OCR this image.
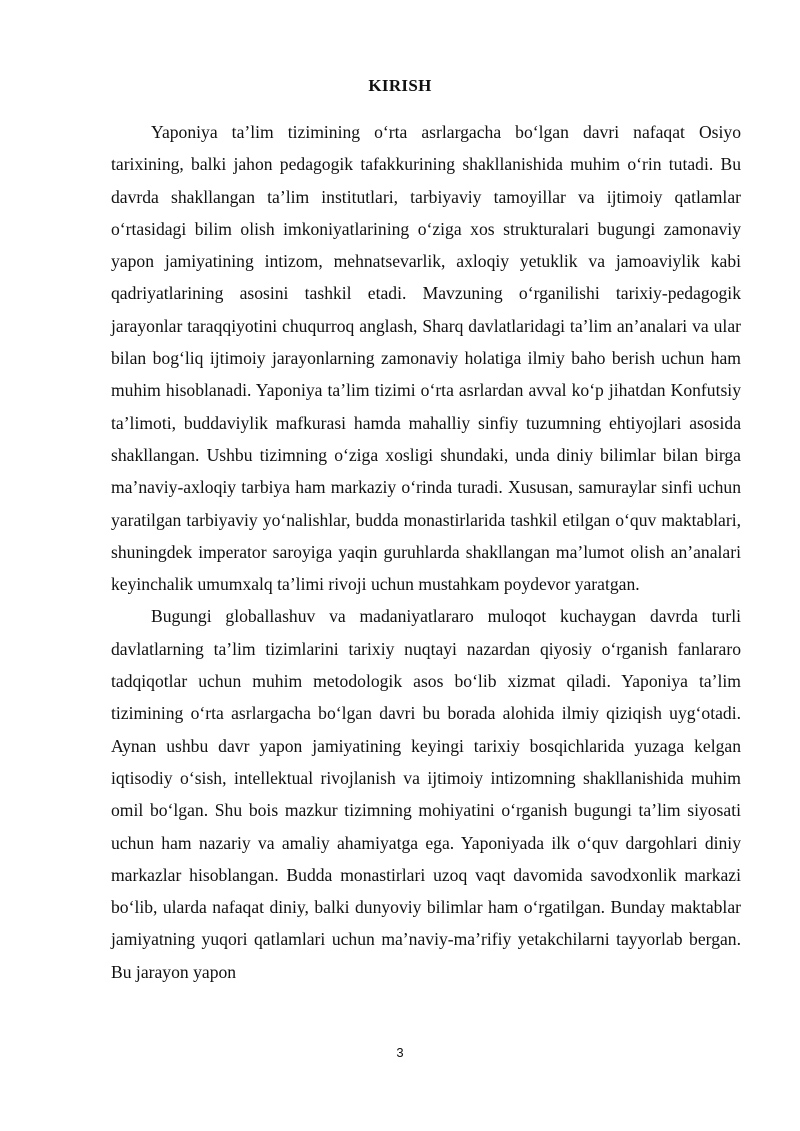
KIRISH

Yaponiya ta’lim tizimining o‘rta asrlargacha bo‘lgan davri nafaqat Osiyo tarixining, balki jahon pedagogik tafakkurining shakllanishida muhim o‘rin tutadi. Bu davrda shakllangan ta’lim institutlari, tarbiyaviy tamoyillar va ijtimoiy qatlamlar o‘rtasidagi bilim olish imkoniyatlarining o‘ziga xos strukturalari bugungi zamonaviy yapon jamiyatining intizom, mehnatsevarlik, axloqiy yetuklik va jamoaviylik kabi qadriyatlarining asosini tashkil etadi. Mavzuning o‘rganilishi tarixiy-pedagogik jarayonlar taraqqiyotini chuqurroq anglash, Sharq davlatlaridagi ta’lim an’analari va ular bilan bog‘liq ijtimoiy jarayonlarning zamonaviy holatiga ilmiy baho berish uchun ham muhim hisoblanadi. Yaponiya ta’lim tizimi o‘rta asrlardan avval ko‘p jihatdan Konfutsiy ta’limoti, buddaviylik mafkurasi hamda mahalliy sinfiy tuzumning ehtiyojlari asosida shakllangan. Ushbu tizimning o‘ziga xosligi shundaki, unda diniy bilimlar bilan birga ma’naviy-axloqiy tarbiya ham markaziy o‘rinda turadi. Xususan, samuraylar sinfi uchun yaratilgan tarbiyaviy yo‘nalishlar, budda monastirlarida tashkil etilgan o‘quv maktablari, shuningdek imperator saroyiga yaqin guruhlarda shakllangan ma’lumot olish an’analari keyinchalik umumxalq ta’limi rivoji uchun mustahkam poydevor yaratgan.

Bugungi globallashuv va madaniyatlararo muloqot kuchaygan davrda turli davlatlarning ta’lim tizimlarini tarixiy nuqtayi nazardan qiyosiy o‘rganish fanlararo tadqiqotlar uchun muhim metodologik asos bo‘lib xizmat qiladi. Yaponiya ta’lim tizimining o‘rta asrlargacha bo‘lgan davri bu borada alohida ilmiy qiziqish uyg‘otadi. Aynan ushbu davr yapon jamiyatining keyingi tarixiy bosqichlarida yuzaga kelgan iqtisodiy o‘sish, intellektual rivojlanish va ijtimoiy intizomning shakllanishida muhim omil bo‘lgan. Shu bois mazkur tizimning mohiyatini o‘rganish bugungi ta’lim siyosati uchun ham nazariy va amaliy ahamiyatga ega. Yaponiyada ilk o‘quv dargohlari diniy markazlar hisoblangan. Budda monastirlari uzoq vaqt davomida savodxonlik markazi bo‘lib, ularda nafaqat diniy, balki dunyoviy bilimlar ham o‘rgatilgan. Bunday maktablar jamiyatning yuqori qatlamlari uchun ma’naviy-ma’rifiy yetakchilarni tayyorlab bergan. Bu jarayon yapon

3
